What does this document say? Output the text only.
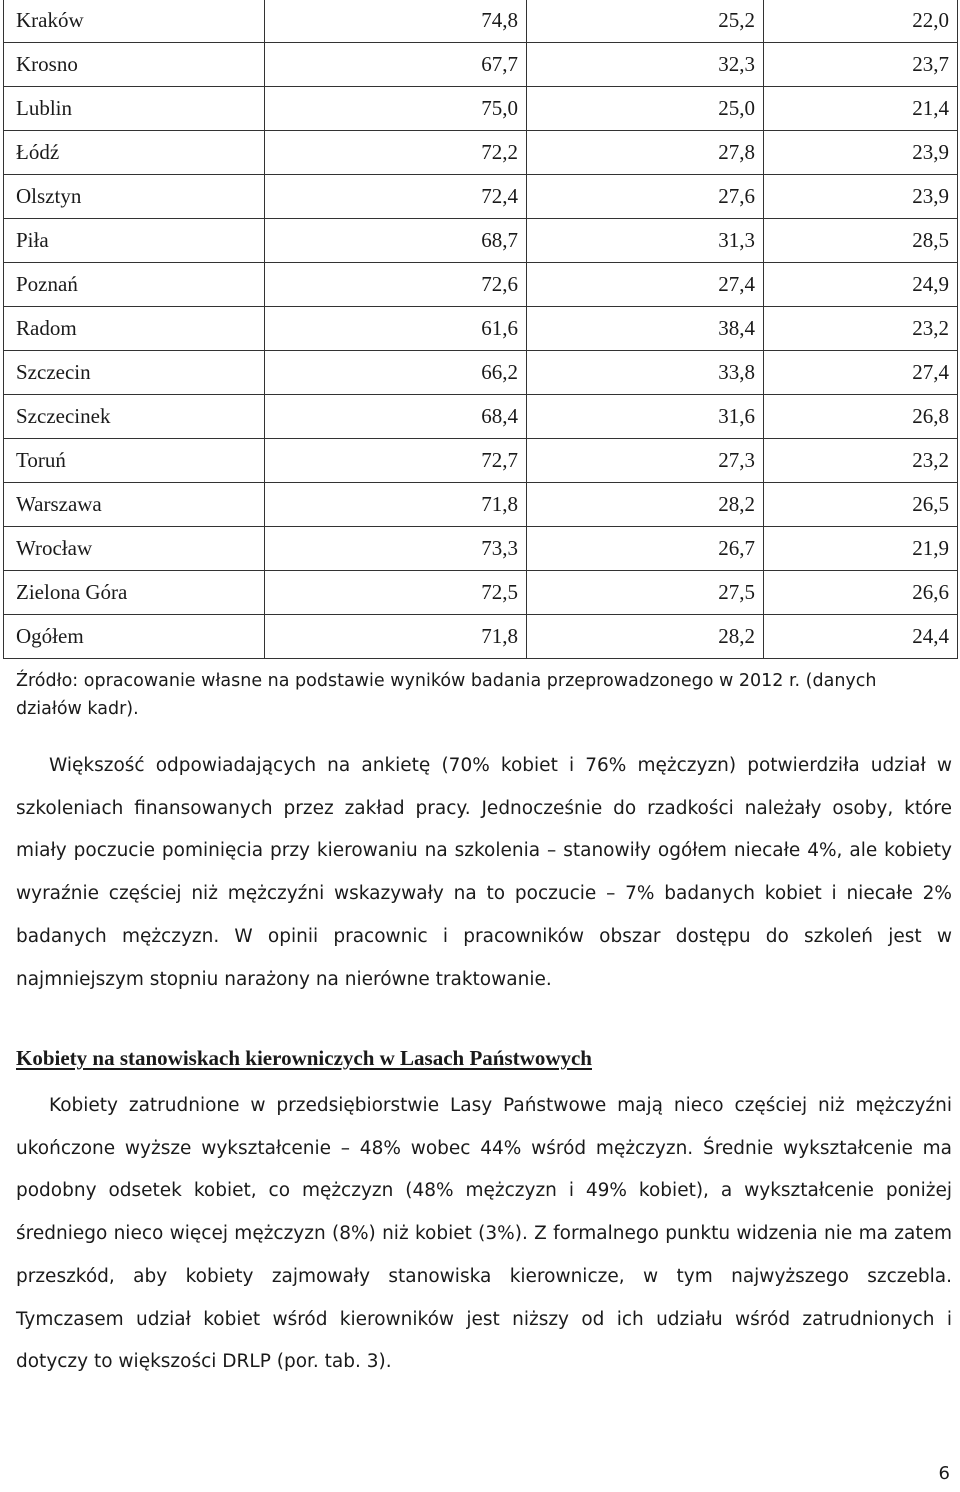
Kraków	74,8	25,2	22,0
Krosno	67,7	32,3	23,7
Lublin	75,0	25,0	21,4
Łódź	72,2	27,8	23,9
Olsztyn	72,4	27,6	23,9
Piła	68,7	31,3	28,5
Poznań	72,6	27,4	24,9
Radom	61,6	38,4	23,2
Szczecin	66,2	33,8	27,4
Szczecinek	68,4	31,6	26,8
Toruń	72,7	27,3	23,2
Warszawa	71,8	28,2	26,5
Wrocław	73,3	26,7	21,9
Zielona Góra	72,5	27,5	26,6
Ogółem	71,8	28,2	24,4
Źródło: opracowanie własne na podstawie wyników badania przeprowadzonego w 2012 r. (danych działów kadr).
Większość odpowiadających na ankietę (70% kobiet i 76% mężczyzn) potwierdziła udział w szkoleniach finansowanych przez zakład pracy. Jednocześnie do rzadkości należały osoby, które miały poczucie pominięcia przy kierowaniu na szkolenia – stanowiły ogółem niecałe 4%, ale kobiety wyraźnie częściej niż mężczyźni wskazywały na to poczucie – 7% badanych kobiet i niecałe 2% badanych mężczyzn. W opinii pracownic i pracowników obszar dostępu do szkoleń jest w najmniejszym stopniu narażony na nierówne traktowanie.
Kobiety na stanowiskach kierowniczych w Lasach Państwowych
Kobiety zatrudnione w przedsiębiorstwie Lasy Państwowe mają nieco częściej niż mężczyźni ukończone wyższe wykształcenie – 48% wobec 44% wśród mężczyzn. Średnie wykształcenie ma podobny odsetek kobiet, co mężczyzn (48% mężczyzn i 49% kobiet), a wykształcenie poniżej średniego nieco więcej mężczyzn (8%) niż kobiet (3%). Z formalnego punktu widzenia nie ma zatem przeszkód, aby kobiety zajmowały stanowiska kierownicze, w tym najwyższego szczebla. Tymczasem udział kobiet wśród kierowników jest niższy od ich udziału wśród zatrudnionych i dotyczy to większości DRLP (por. tab. 3).
6
